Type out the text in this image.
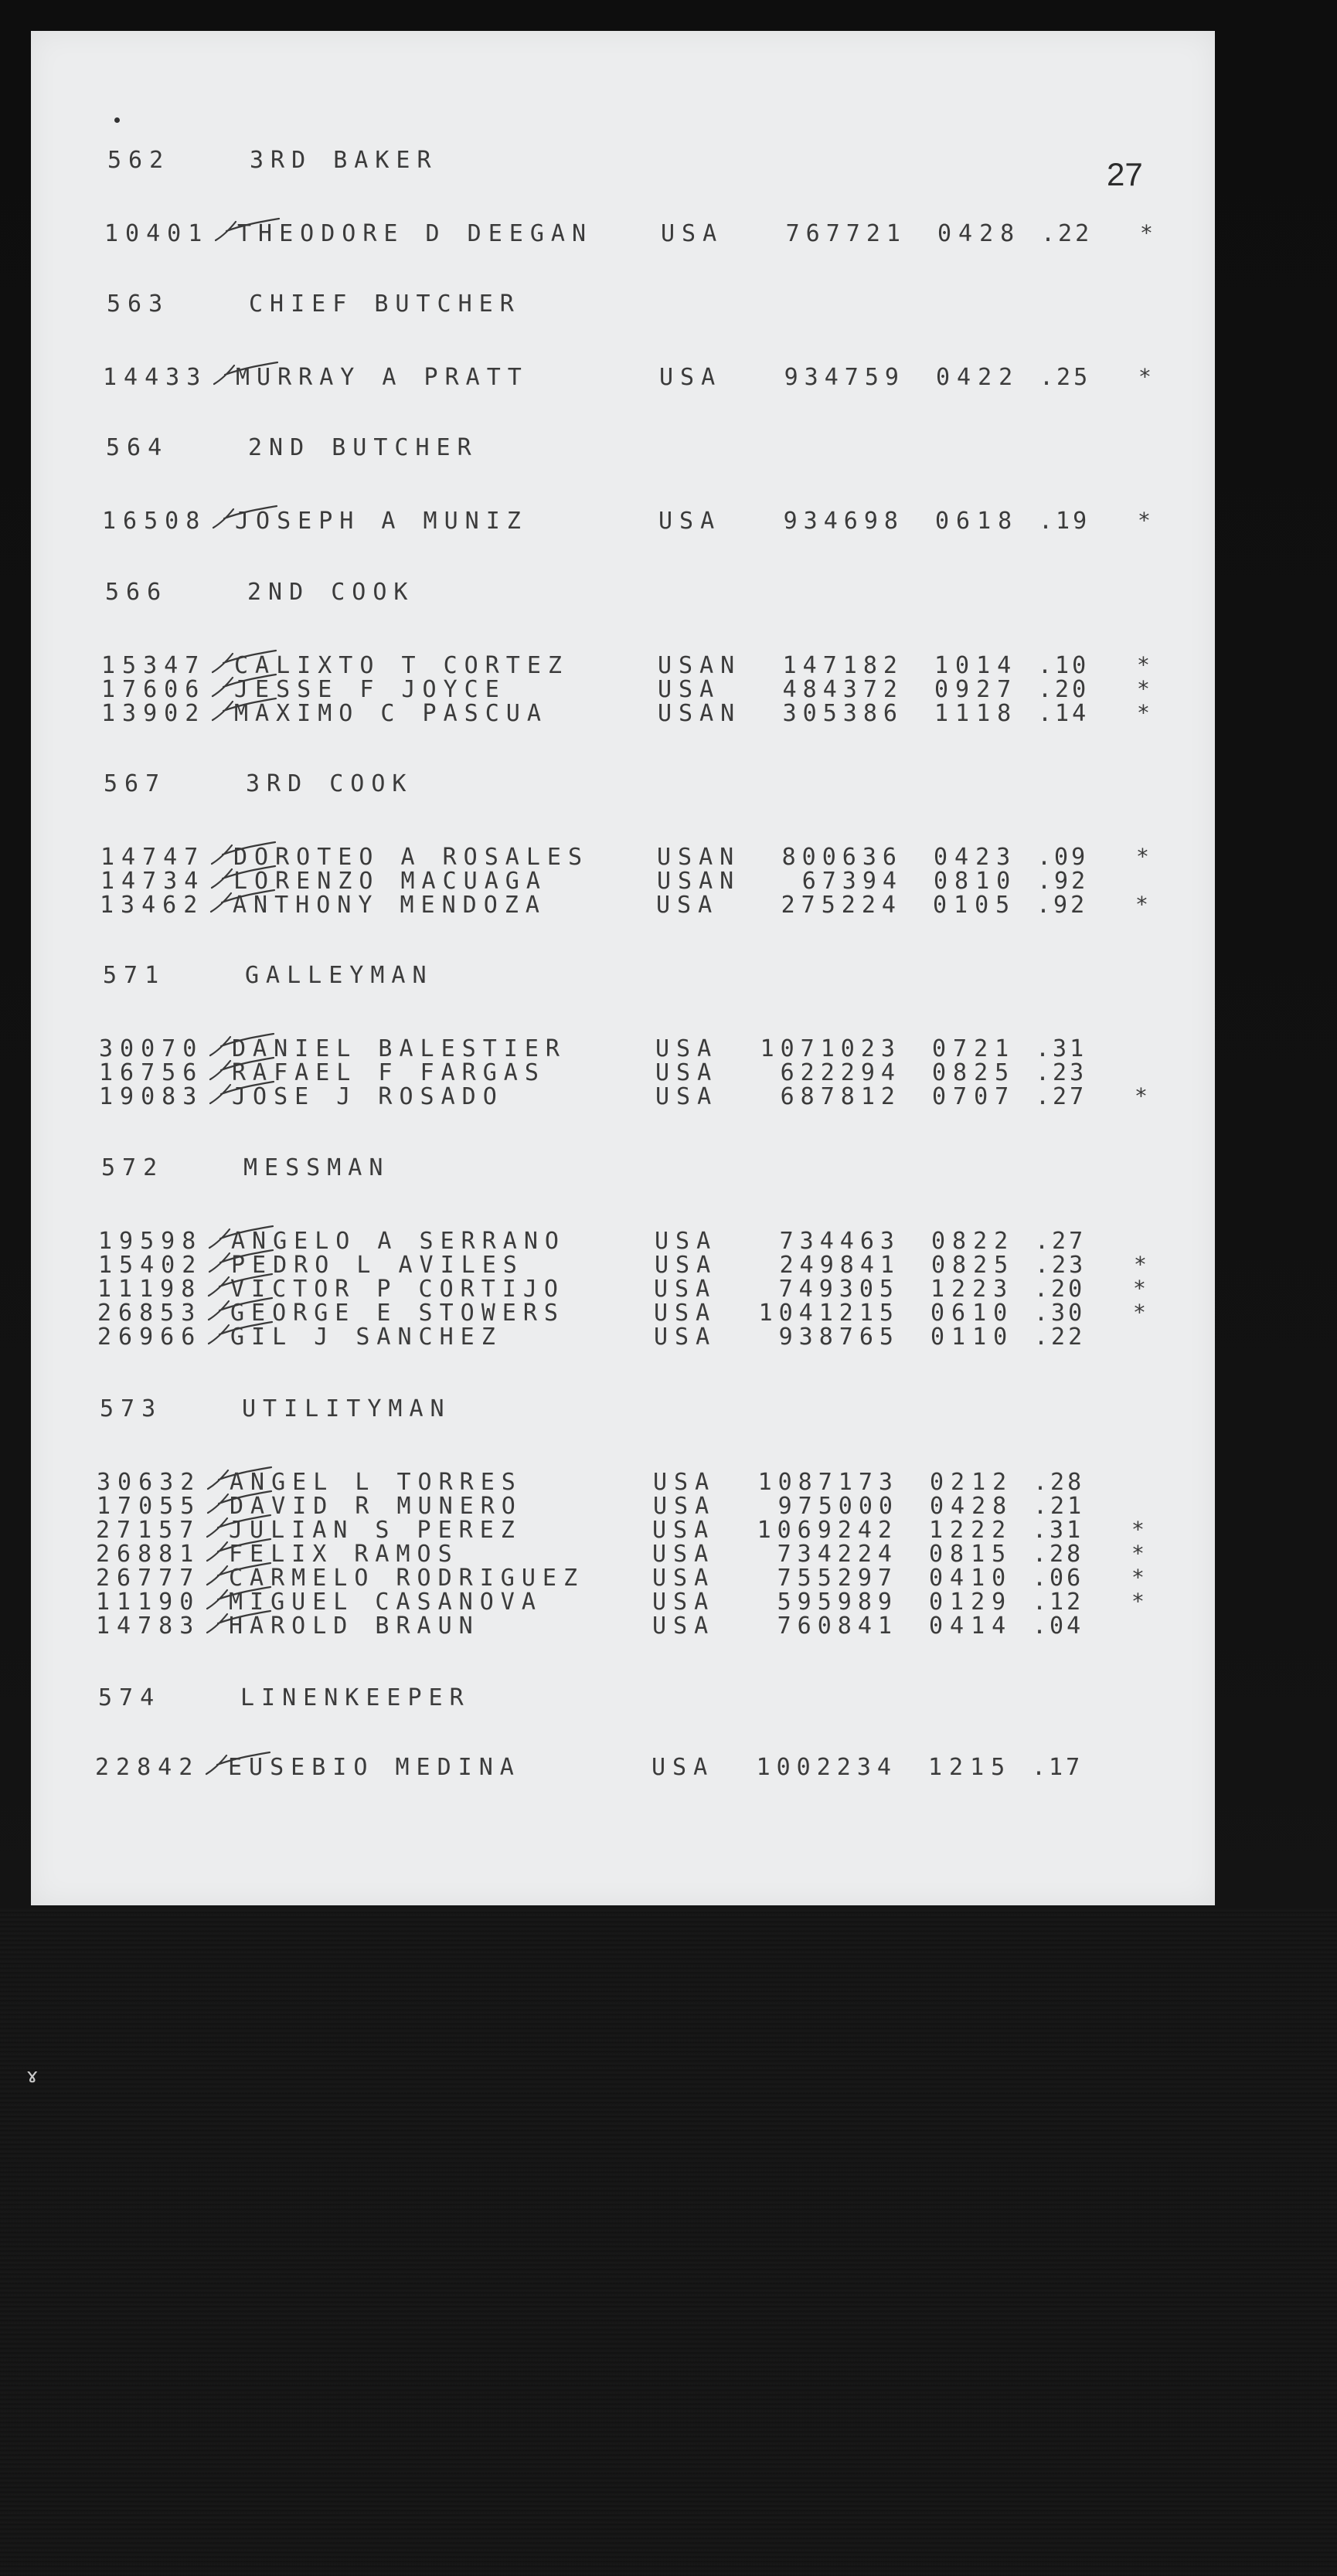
27
562	3RD BAKER
10401 THEODORE D DEEGAN	USA	767721 0428 .22 *
563	CHIEF BUTCHER
14433 MURRAY A PRATT	USA	934759 0422 .25 *
564	2ND BUTCHER
16508 JOSEPH A MUNIZ	USA	934698 0618 .19 *
566	2ND COOK
15347 CALIXTO T CORTEZ	USAN	147182 1014 .10 *
17606 JESSE F JOYCE	USA	484372 0927 .20 *
13902 MAXIMO C PASCUA	USAN	305386 1118 .14 *
567	3RD COOK
14747 DOROTEO A ROSALES	USAN	800636 0423 .09 *
14734 LORENZO MACUAGA	USAN	67394 0810 .92
13462 ANTHONY MENDOZA	USA	275224 0105 .92 *
571	GALLEYMAN
30070 DANIEL BALESTIER	USA	1071023 0721 .31
16756 RAFAEL F FARGAS	USA	622294 0825 .23
19083 JOSE J ROSADO	USA	687812 0707 .27 *
572	MESSMAN
19598 ANGELO A SERRANO	USA	734463 0822 .27
15402 PEDRO L AVILES	USA	249841 0825 .23 *
11198 VICTOR P CORTIJO	USA	749305 1223 .20 *
26853 GEORGE E STOWERS	USA	1041215 0610 .30 *
26966 GIL J SANCHEZ	USA	938765 0110 .22
573	UTILITYMAN
30632 ANGEL L TORRES	USA	1087173 0212 .28
17055 DAVID R MUNERO	USA	975000 0428 .21
27157 JULIAN S PEREZ	USA	1069242 1222 .31 *
26881 FELIX RAMOS	USA	734224 0815 .28 *
26777 CARMELO RODRIGUEZ	USA	755297 0410 .06 *
11190 MIGUEL CASANOVA	USA	595989 0129 .12 *
14783 HAROLD BRAUN	USA	760841 0414 .04
574	LINENKEEPER
22842 EUSEBIO MEDINA	USA	1002234 1215 .17
ɤ
